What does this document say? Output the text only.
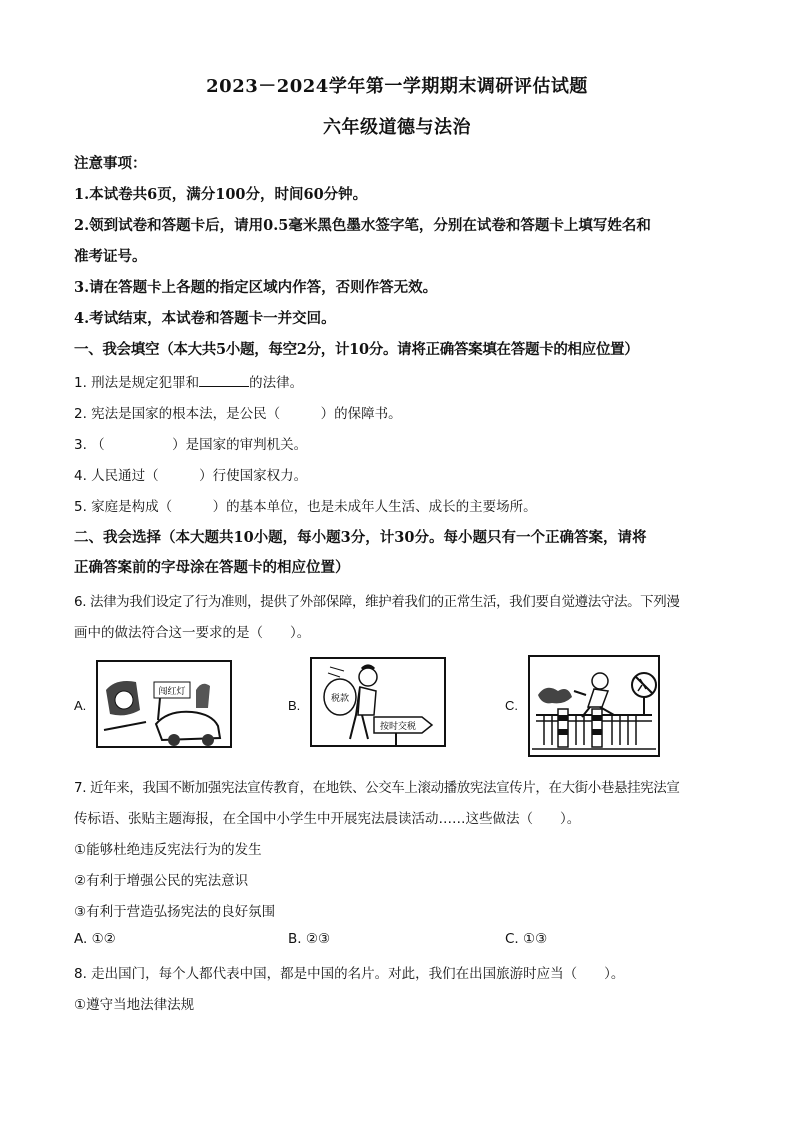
2023－2024学年第一学期期末调研评估试题
六年级道德与法治
注意事项：
1.本试卷共6页，满分100分，时间60分钟。
2.领到试卷和答题卡后，请用0.5毫米黑色墨水签字笔，分别在试卷和答题卡上填写姓名和
准考证号。
3.请在答题卡上各题的指定区域内作答，否则作答无效。
4.考试结束，本试卷和答题卡一并交回。
一、我会填空（本大共5小题，每空2分，计10分。请将正确答案填在答题卡的相应位置）
1. 刑法是规定犯罪和	的法律。
2. 宪法是国家的根本法，是公民（　　　）的保障书。
3. （　　　　　）是国家的审判机关。
4. 人民通过（　　　）行使国家权力。
5. 家庭是构成（　　　）的基本单位，也是未成年人生活、成长的主要场所。
二、我会选择（本大题共10小题，每小题3分，计30分。每小题只有一个正确答案，请将
正确答案前的字母涂在答题卡的相应位置）
6. 法律为我们设定了行为准则，提供了外部保障，维护着我们的正常生活，我们要自觉遵法守法。下列漫
画中的做法符合这一要求的是（　　）。
A.
闯红灯
B.	税款
按时交税
C.
7. 近年来，我国不断加强宪法宣传教育，在地铁、公交车上滚动播放宪法宣传片，在大街小巷悬挂宪法宣
传标语、张贴主题海报，在全国中小学生中开展宪法晨读活动……这些做法（　　）。
①能够杜绝违反宪法行为的发生
②有利于增强公民的宪法意识
③有利于营造弘扬宪法的良好氛围
A. ①②	B. ②③	C. ①③
8. 走出国门，每个人都代表中国，都是中国的名片。对此，我们在出国旅游时应当（　　）。
①遵守当地法律法规
